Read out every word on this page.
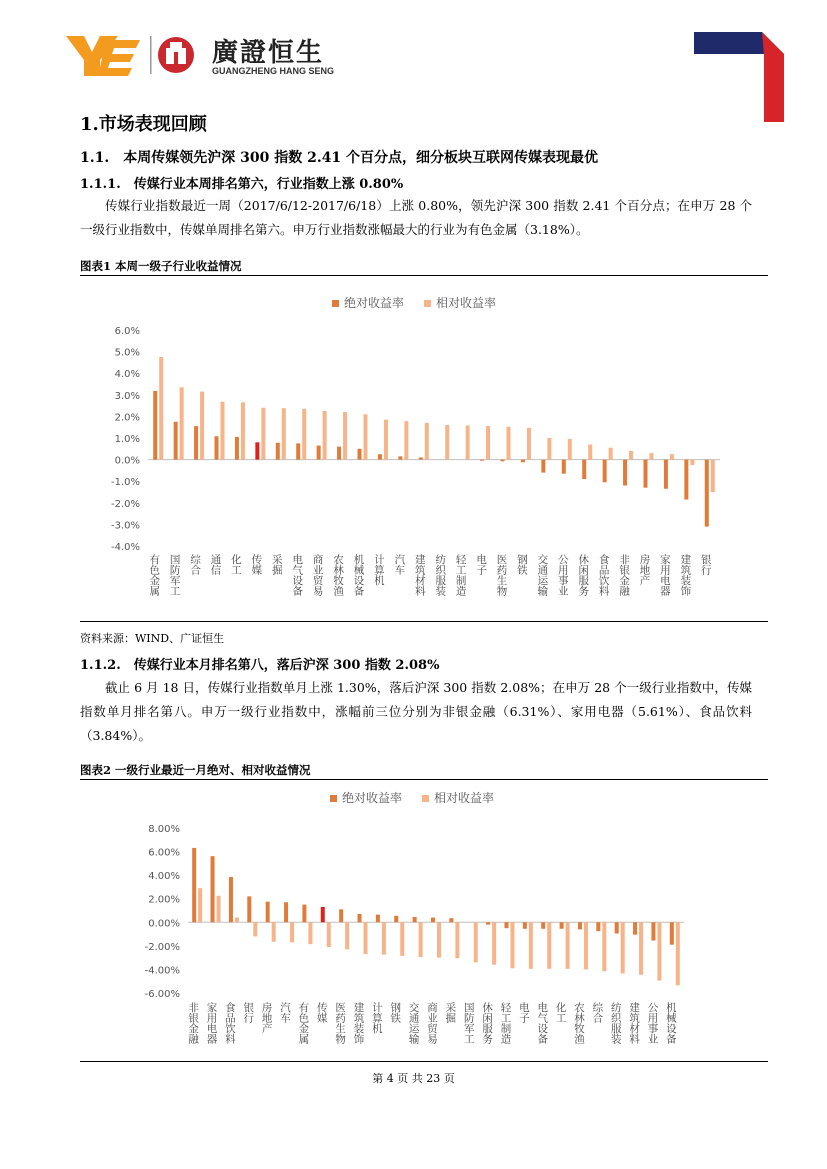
廣證恒生
GUANGZHENG HANG SENG
1.市场表现回顾
1.1.　本周传媒领先沪深 300 指数 2.41 个百分点，细分板块互联网传媒表现最优
1.1.1.　传媒行业本周排名第六，行业指数上涨 0.80%
传媒行业指数最近一周（2017/6/12-2017/6/18）上涨 0.80%，领先沪深 300 指数 2.41 个百分点；在申万 28 个一级行业指数中，传媒单周排名第六。申万行业指数涨幅最大的行业为有色金属（3.18%）。
图表1 本周一级子行业收益情况
绝对收益率	相对收益率
6.0%
5.0%
4.0%
3.0%
2.0%
1.0%
0.0%
-1.0%
-2.0%
-3.0%
-4.0%
有色金属 国防军工 综合 通信 化工 传媒 采掘 电气设备 商业贸易 农林牧渔 机械设备 计算机 汽车 建筑材料 纺织服装 轻工制造 电子 医药生物 钢铁 交通运输 公用事业 休闲服务 食品饮料 非银金融 房地产 家用电器 建筑装饰 银行
资料来源：WIND、广证恒生
1.1.2.　传媒行业本月排名第八，落后沪深 300 指数 2.08%
截止 6 月 18 日，传媒行业指数单月上涨 1.30%，落后沪深 300 指数 2.08%；在申万 28 个一级行业指数中，传媒指数单月排名第八。申万一级行业指数中，涨幅前三位分别为非银金融（6.31%）、家用电器（5.61%）、食品饮料（3.84%）。
图表2 一级行业最近一月绝对、相对收益情况
绝对收益率	相对收益率
8.00%
6.00%
4.00%
2.00%
0.00%
-2.00%
-4.00%
-6.00%
非银金融 家用电器 食品饮料 银行 房地产 汽车 有色金属 传媒 医药生物 建筑装饰 计算机 钢铁 交通运输 商业贸易 采掘 国防军工 休闲服务 轻工制造 电子 电气设备 化工 农林牧渔 综合 纺织服装 建筑材料 公用事业 机械设备
第 4 页 共 23 页
